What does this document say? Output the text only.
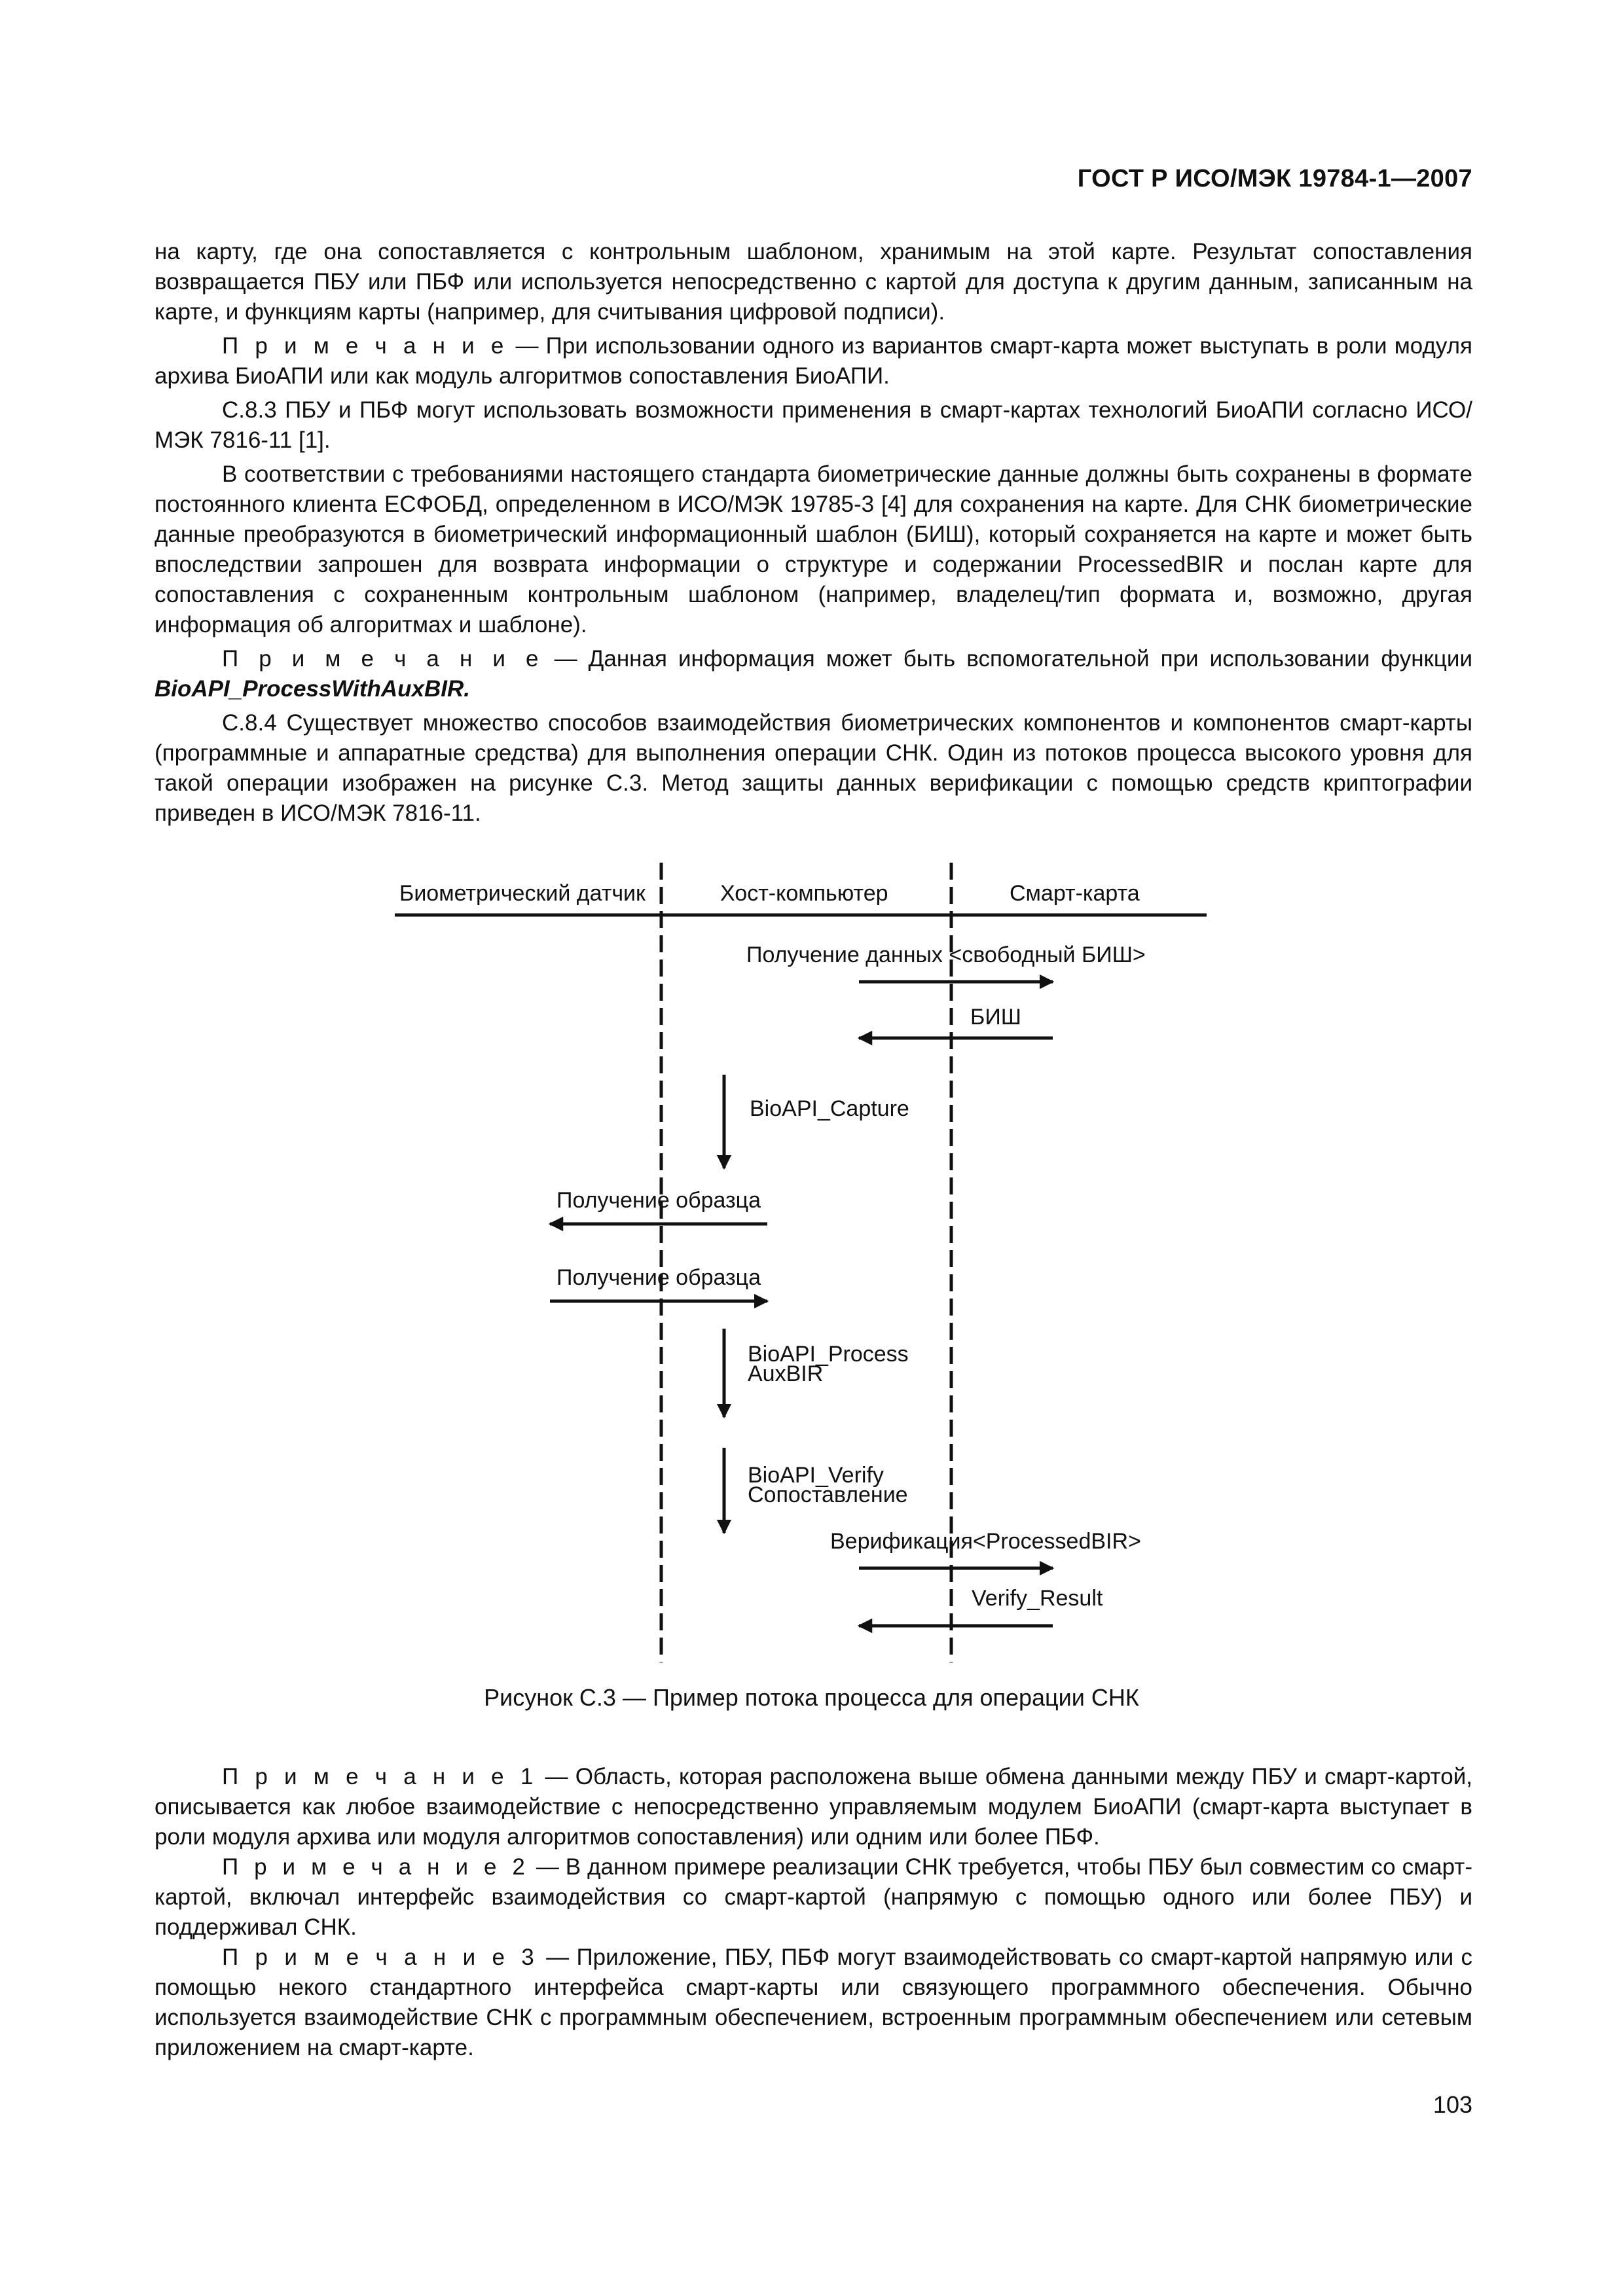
ГОСТ Р ИСО/МЭК 19784-1—2007

на карту, где она сопоставляется с контрольным шаблоном, хранимым на этой карте. Результат сопоставления возвращается ПБУ или ПБФ или используется непосредственно с картой для доступа к другим данным, записанным на карте, и функциям карты (например, для считывания цифровой подписи).

П р и м е ч а н и е — При использовании одного из вариантов смарт-карта может выступать в роли модуля архива БиоАПИ или как модуль алгоритмов сопоставления БиоАПИ.

С.8.3 ПБУ и ПБФ могут использовать возможности применения в смарт-картах технологий БиоАПИ согласно ИСО/МЭК 7816-11 [1].

В соответствии с требованиями настоящего стандарта биометрические данные должны быть сохранены в формате постоянного клиента ЕСФОБД, определенном в ИСО/МЭК 19785-3 [4] для сохранения на карте. Для СНК биометрические данные преобразуются в биометрический информационный шаблон (БИШ), который сохраняется на карте и может быть впоследствии запрошен для возврата информации о структуре и содержании ProcessedBIR и послан карте для сопоставления с сохраненным контрольным шаблоном (например, владелец/тип формата и, возможно, другая информация об алгоритмах и шаблоне).

П р и м е ч а н и е — Данная информация может быть вспомогательной при использовании функции BioAPI_ProcessWithAuxBIR.

С.8.4 Существует множество способов взаимодействия биометрических компонентов и компонентов смарт-карты (программные и аппаратные средства) для выполнения операции СНК. Один из потоков процесса высокого уровня для такой операции изображен на рисунке С.3. Метод защиты данных верификации с помощью средств криптографии приведен в ИСО/МЭК 7816-11.

Биометрический датчик	Хост-компьютер	Смарт-карта
Получение данных <свободный БИШ>
БИШ
BioAPI_Capture
Получение образца
Получение образца
BioAPI_Process
AuxBIR
BioAPI_Verify
Сопоставление
Верификация<ProcessedBIR>
Verify_Result
Рисунок С.3 — Пример потока процесса для операции СНК

П р и м е ч а н и е 1 — Область, которая расположена выше обмена данными между ПБУ и смарт-картой, описывается как любое взаимодействие с непосредственно управляемым модулем БиоАПИ (смарт-карта выступает в роли модуля архива или модуля алгоритмов сопоставления) или одним или более ПБФ.

П р и м е ч а н и е 2 — В данном примере реализации СНК требуется, чтобы ПБУ был совместим со смарт-картой, включал интерфейс взаимодействия со смарт-картой (напрямую с помощью одного или более ПБУ) и поддерживал СНК.

П р и м е ч а н и е 3 — Приложение, ПБУ, ПБФ могут взаимодействовать со смарт-картой напрямую или с помощью некого стандартного интерфейса смарт-карты или связующего программного обеспечения. Обычно используется взаимодействие СНК с программным обеспечением, встроенным программным обеспечением или сетевым приложением на смарт-карте.

103
